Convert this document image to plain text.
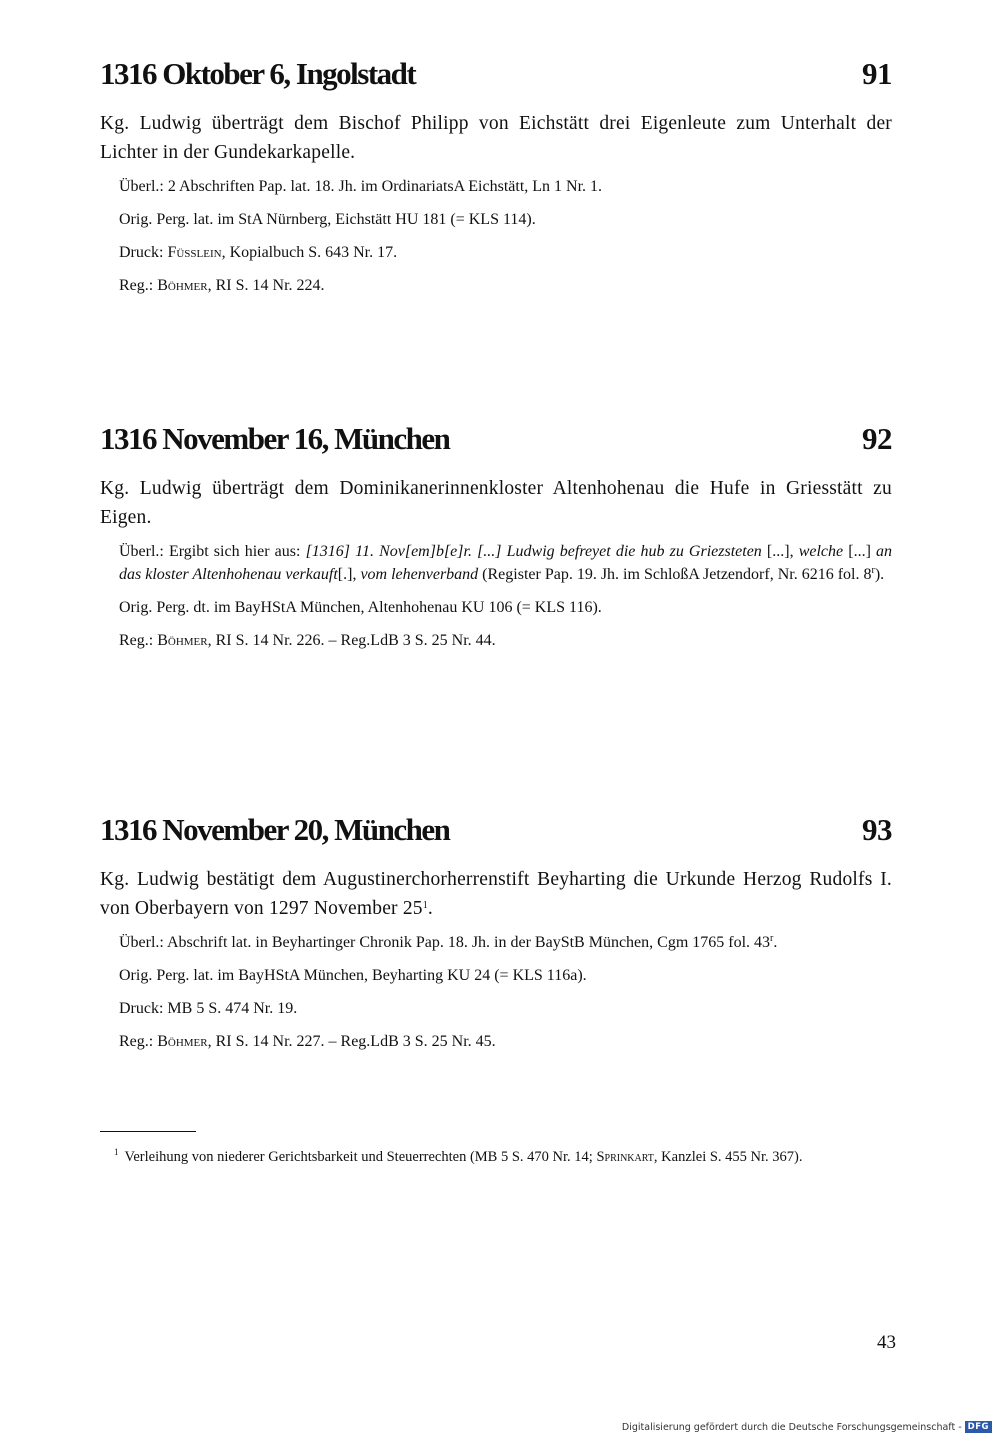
1316 Oktober 6, Ingolstadt	91

Kg. Ludwig überträgt dem Bischof Philipp von Eichstätt drei Eigenleute zum Unterhalt der Lichter in der Gundekarkapelle.

Überl.: 2 Abschriften Pap. lat. 18. Jh. im OrdinariatsA Eichstätt, Ln 1 Nr. 1.

Orig. Perg. lat. im StA Nürnberg, Eichstätt HU 181 (= KLS 114).

Druck: Füsslein, Kopialbuch S. 643 Nr. 17.

Reg.: Böhmer, RI S. 14 Nr. 224.

1316 November 16, München	92

Kg. Ludwig überträgt dem Dominikanerinnenkloster Altenhohenau die Hufe in Griesstätt zu Eigen.

Überl.: Ergibt sich hier aus: [1316] 11. Nov[em]b[e]r. [...] Ludwig befreyet die hub zu Griezsteten [...], welche [...] an das kloster Altenhohenau verkauft[.], vom lehenverband (Register Pap. 19. Jh. im SchloßA Jetzendorf, Nr. 6216 fol. 8$^r$).

Orig. Perg. dt. im BayHStA München, Altenhohenau KU 106 (= KLS 116).

Reg.: Böhmer, RI S. 14 Nr. 226. – Reg.LdB 3 S. 25 Nr. 44.

1316 November 20, München	93

Kg. Ludwig bestätigt dem Augustinerchorherrenstift Beyharting die Urkunde Herzog Rudolfs I. von Oberbayern von 1297 November $25^1$.

Überl.: Abschrift lat. in Beyhartinger Chronik Pap. 18. Jh. in der BayStB München, Cgm 1765 fol. 43$^r$.

Orig. Perg. lat. im BayHStA München, Beyharting KU 24 (= KLS 116a).

Druck: MB 5 S. 474 Nr. 19.

Reg.: Böhmer, RI S. 14 Nr. 227. – Reg.LdB 3 S. 25 Nr. 45.

$^1$ Verleihung von niederer Gerichtsbarkeit und Steuerrechten (MB 5 S. 470 Nr. 14; Sprinkart, Kanzlei S. 455 Nr. 367).

43
Digitalisierung gefördert durch die Deutsche Forschungsgemeinschaft - DFG
